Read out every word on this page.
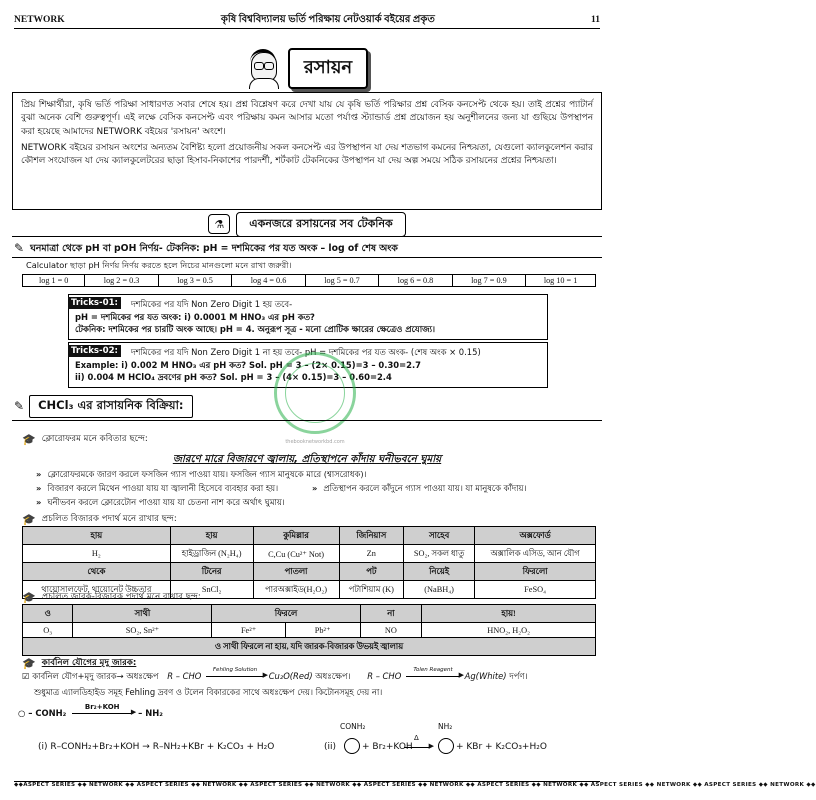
NETWORK	কৃষি বিশ্ববিদ্যালয় ভর্তি পরিক্ষায় নেটওয়ার্ক বইয়ের প্রকৃত	11
রসায়ন

প্রিয় শিক্ষার্থীরা, কৃষি ভর্তি পরিক্ষা সাধারণত সবার শেষে হয়। প্রশ্ন বিশ্লেষণ করে দেখা যায় যে কৃষি ভর্তি পরিক্ষার প্রশ্ন বেসিক কনসেপ্ট থেকে হয়। তাই প্রশ্নের প্যাটার্ন বুঝা অনেক বেশি গুরুত্বপূর্ণ। এই লক্ষে বেসিক কনসেপ্ট এবং পরিক্ষায় কমন আসার মতো পর্যাপ্ত স্ট্যান্ডার্ড প্রশ্ন প্রয়োজন হয় অনুশীলনের জন্য যা গুছিয়ে উপস্থাপন করা হয়েছে আমাদের NETWORK বইয়ের 'রসায়ন' অংশে।

NETWORK বইয়ের রসায়ন অংশের অন্যতম বৈশিষ্ট্য হলো প্রয়োজনীয় সকল কনসেপ্ট এর উপস্থাপন যা দেয় শতভাগ কমনের নিশ্চয়তা, যেগুলো ক্যালকুলেশন করার কৌশল সংযোজন যা দেয় ক্যালকুলেটরের ছাড়া হিসাব-নিকাশের পারদর্শী, শর্টকাট টেকনিকের উপস্থাপন যা দেয় অল্প সময়ে সঠিক রসায়নের প্রশ্নের নিশ্চয়তা।

⚗	একনজরে রসায়নের সব টেকনিক
✎ ঘনমাত্রা থেকে pH বা pOH নির্ণয়- টেকনিক: pH = দশমিকের পর যত অংক – log of শেষ অংক
Calculator ছাড়া pH নির্ণয় নির্ণয় করতে হলে নিচের মানগুলো মনে রাখা জরুরী।
log 1 = 0	log 2 = 0.3	log 3 = 0.5	log 4 = 0.6	log 5 = 0.7	log 6 = 0.8	log 7 = 0.9	log 10 = 1
Tricks-01:	দশমিকের পর যদি Non Zero Digit 1 হয় তবে-
pH = দশমিকের পর যত অংক: i) 0.0001 M HNO₃ এর pH কত?
টেকনিক: দশমিকের পর চারটি অংক আছে। pH = 4. অনুরূপ সূত্র - মনো প্রোটিক ক্ষারের ক্ষেত্রেও প্রযোজ্য।
Tricks-02:	দশমিকের পর যদি Non Zero Digit 1 না হয় তবে- pH = দশমিকের পর যত অংক- (শেষ অংক × 0.15)
Example: i) 0.002 M HNO₃ এর pH কত? Sol. pH = 3 – (2× 0.15)=3 – 0.30=2.7
ii) 0.004 M HClO₄ দ্রবণের pH কত? Sol. pH = 3 – (4× 0.15)=3 – 0.60=2.4
thebooknetworkbd.com
✎	CHCl₃ এর রাসায়নিক বিক্রিয়া:
🎓 ক্লোরোফরম মনে কবিতার ছন্দে:
জারণে মারে বিজারণে জ্বালায়, প্রতিস্থাপনে কাঁদায় ঘনীভবনে ঘুমায়
» ক্লোরোফরমকে জারণ করলে ফসজিন গ্যাস পাওয়া যায়। ফসজিন গ্যাস মানুষকে মারে (শ্বাসরোধক)।
» বিজারণ করলে মিথেন পাওয়া যায় যা জ্বালানী হিসেবে ব্যবহার করা হয়।	» প্রতিস্থাপন করলে কাঁদুনে গ্যাস পাওয়া যায়। যা মানুষকে কাঁদায়।
» ঘনীভবন করলে ক্লোরেটোন পাওয়া যায় যা চেতনা নাশ করে অর্থাৎ ঘুমায়।
🎓 প্রচলিত বিজারক পদার্থ মনে রাখার ছন্দ:
হায়	হায়	কুমিল্লার	জিনিয়াস	সাহেব	অক্সফোর্ড
H₂	হাইড্রাজিন (N₂H₄)	C,Cu (Cu²⁺ Not)	Zn	SO₂, সকল ধাতু	অক্সালিক এসিড, আন যৌগ
থেকে	টিনের	পাতলা	পট	নিয়েই	ফিরলো
থায়োসালফেট, থায়োনেট উচ্চতার	SnCl₂	পারঅক্সাইড(H₂O₂)	পটাশিয়াম (K)	(NaBH₄)	FeSO₄
🎓 প্রচলিত জারক-বিজারক পদার্থ মনে রাখার ছন্দ:
ও	সাথী	ফিরলে		না	হায়!
O₃	SO₂, Sn²⁺	Fe²⁺	Pb²⁺	NO	HNO₂, H₂O₂
ও সাথী ফিরলে না হায়, যদি জারক-বিজারক উভয়ই জ্বালায়					
🎓 কার্বনিল যৌগের মৃদু জারক:
☑ কার্বনিল যৌগ+মৃদু জারক→ অধঃক্ষেপ R – CHO
Fehling Solution
▶ Cu₂O(Red) অধঃক্ষেপ। R – CHO
Tolen Reagent
▶ Ag(White) দর্পণ।
শুধুমাত্র এ্যালডিহাইড সমূহ Fehling দ্রবণ ও টলেন বিকারকের সাথে অধঃক্ষেপ দেয়। কিটোনসমূহ দেয় না।
○ – CONH₂
Br₂+KOH
▶ – NH₂
(i) R–CONH₂+Br₂+KOH → R–NH₂+KBr + K₂CO₃ + H₂O	(ii)
CONH₂
+ Br₂+KOH
Δ
▶
NH₂
+ KBr + K₂CO₃+H₂O
◆◆ASPECT SERIES ◆◆ NETWORK ◆◆ ASPECT SERIES ◆◆ NETWORK ◆◆ ASPECT SERIES ◆◆ NETWORK ◆◆ ASPECT SERIES ◆◆ NETWORK ◆◆ ASPECT SERIES ◆◆ NETWORK ◆◆ ASPECT SERIES ◆◆ NETWORK ◆◆ ASPECT SERIES ◆◆ NETWORK ◆◆
